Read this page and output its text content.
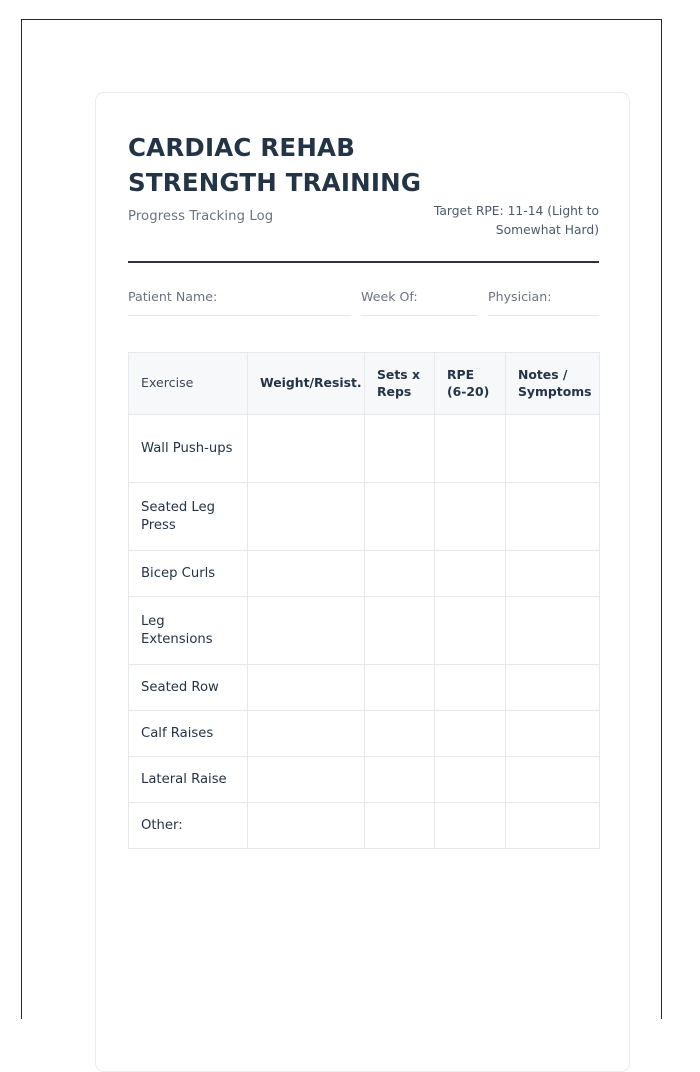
CARDIAC REHAB
STRENGTH TRAINING

Progress Tracking Log	Target RPE: 11-14 (Light to Somewhat Hard)
Patient Name:	Week Of:	Physician:
Exercise	Weight/Resist.	Sets x Reps	RPE (6-20)	Notes / Symptoms
Wall Push-ups				
Seated Leg Press				
Bicep Curls				
Leg Extensions				
Seated Row				
Calf Raises				
Lateral Raise				
Other:				
